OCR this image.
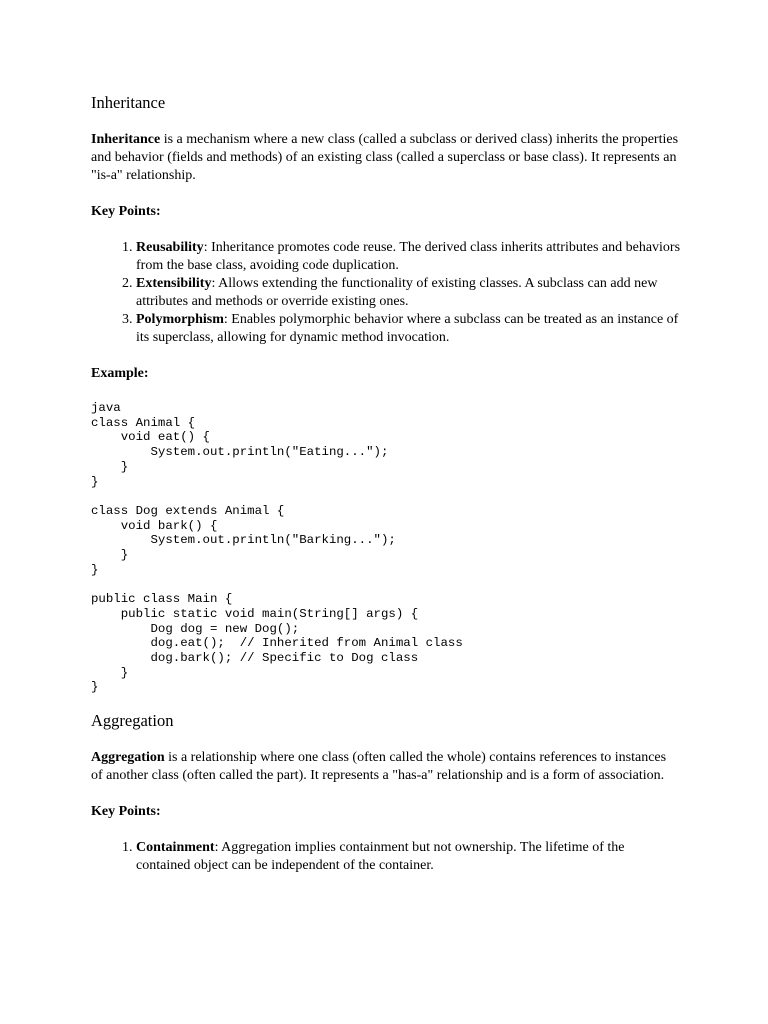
Inheritance

Inheritance is a mechanism where a new class (called a subclass or derived class) inherits the properties and behavior (fields and methods) of an existing class (called a superclass or base class). It represents an "is-a" relationship.

Key Points:

1. Reusability: Inheritance promotes code reuse. The derived class inherits attributes and behaviors from the base class, avoiding code duplication.
2. Extensibility: Allows extending the functionality of existing classes. A subclass can add new attributes and methods or override existing ones.
3. Polymorphism: Enables polymorphic behavior where a subclass can be treated as an instance of its superclass, allowing for dynamic method invocation.

Example:

java
class Animal {
void eat() {
System.out.println("Eating...");
}
}

class Dog extends Animal {
void bark() {
System.out.println("Barking...");
}
}

public class Main {
public static void main(String[] args) {
Dog dog = new Dog();
dog.eat();  // Inherited from Animal class
dog.bark(); // Specific to Dog class
}
}
Aggregation

Aggregation is a relationship where one class (often called the whole) contains references to instances of another class (often called the part). It represents a "has-a" relationship and is a form of association.

Key Points:

1. Containment: Aggregation implies containment but not ownership. The lifetime of the contained object can be independent of the container.
